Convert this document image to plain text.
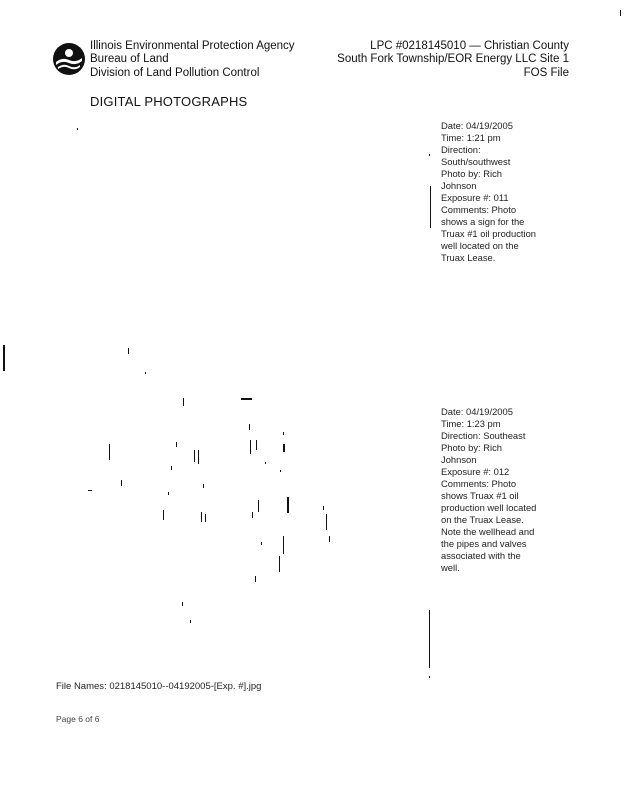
Illinois Environmental Protection Agency
Bureau of Land
Division of Land Pollution Control
LPC #0218145010 — Christian County
South Fork Township/EOR Energy LLC Site 1
FOS File
DIGITAL PHOTOGRAPHS
Date: 04/19/2005
Time: 1:21 pm
Direction:
South/southwest
Photo by: Rich
Johnson
Exposure #: 011
Comments: Photo
shows a sign for the
Truax #1 oil production
well located on the
Truax Lease.
Date: 04/19/2005
Time: 1:23 pm
Direction: Southeast
Photo by: Rich
Johnson
Exposure #: 012
Comments: Photo
shows Truax #1 oil
production well located
on the Truax Lease.
Note the wellhead and
the pipes and valves
associated with the
well.
File Names: 0218145010--04192005-[Exp. #].jpg
Page 6 of 6
